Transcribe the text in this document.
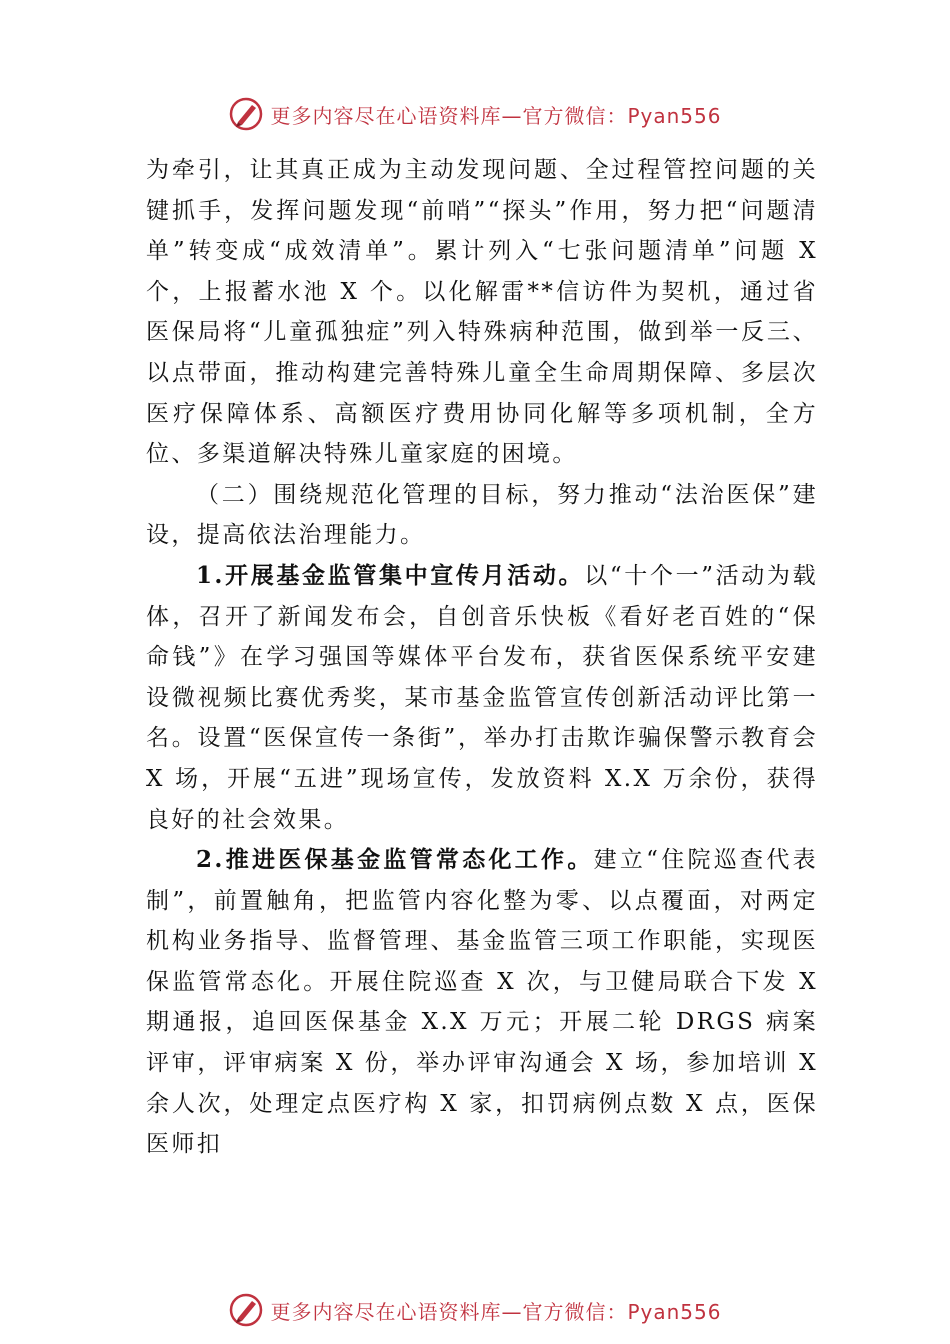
更多内容尽在心语资料库—官方微信：Pyan556

为牵引，让其真正成为主动发现问题、全过程管控问题的关键抓手，发挥问题发现“前哨”“探头”作用，努力把“问题清单”转变成“成效清单”。累计列入“七张问题清单”问题 X 个，上报蓄水池 X 个。以化解雷**信访件为契机，通过省医保局将“儿童孤独症”列入特殊病种范围，做到举一反三、以点带面，推动构建完善特殊儿童全生命周期保障、多层次医疗保障体系、高额医疗费用协同化解等多项机制，全方位、多渠道解决特殊儿童家庭的困境。

（二）围绕规范化管理的目标，努力推动“法治医保”建设，提高依法治理能力。

1.开展基金监管集中宣传月活动。以“十个一”活动为载体，召开了新闻发布会，自创音乐快板《看好老百姓的“保命钱”》在学习强国等媒体平台发布，获省医保系统平安建设微视频比赛优秀奖，某市基金监管宣传创新活动评比第一名。设置“医保宣传一条街”，举办打击欺诈骗保警示教育会 X 场，开展“五进”现场宣传，发放资料 X.X 万余份，获得良好的社会效果。

2.推进医保基金监管常态化工作。建立“住院巡查代表制”，前置触角，把监管内容化整为零、以点覆面，对两定机构业务指导、监督管理、基金监管三项工作职能，实现医保监管常态化。开展住院巡查 X 次，与卫健局联合下发 X 期通报，追回医保基金 X.X 万元；开展二轮 DRGS 病案评审，评审病案 X 份，举办评审沟通会 X 场，参加培训 X 余人次，处理定点医疗构 X 家，扣罚病例点数 X 点，医保医师扣

更多内容尽在心语资料库—官方微信：Pyan556
